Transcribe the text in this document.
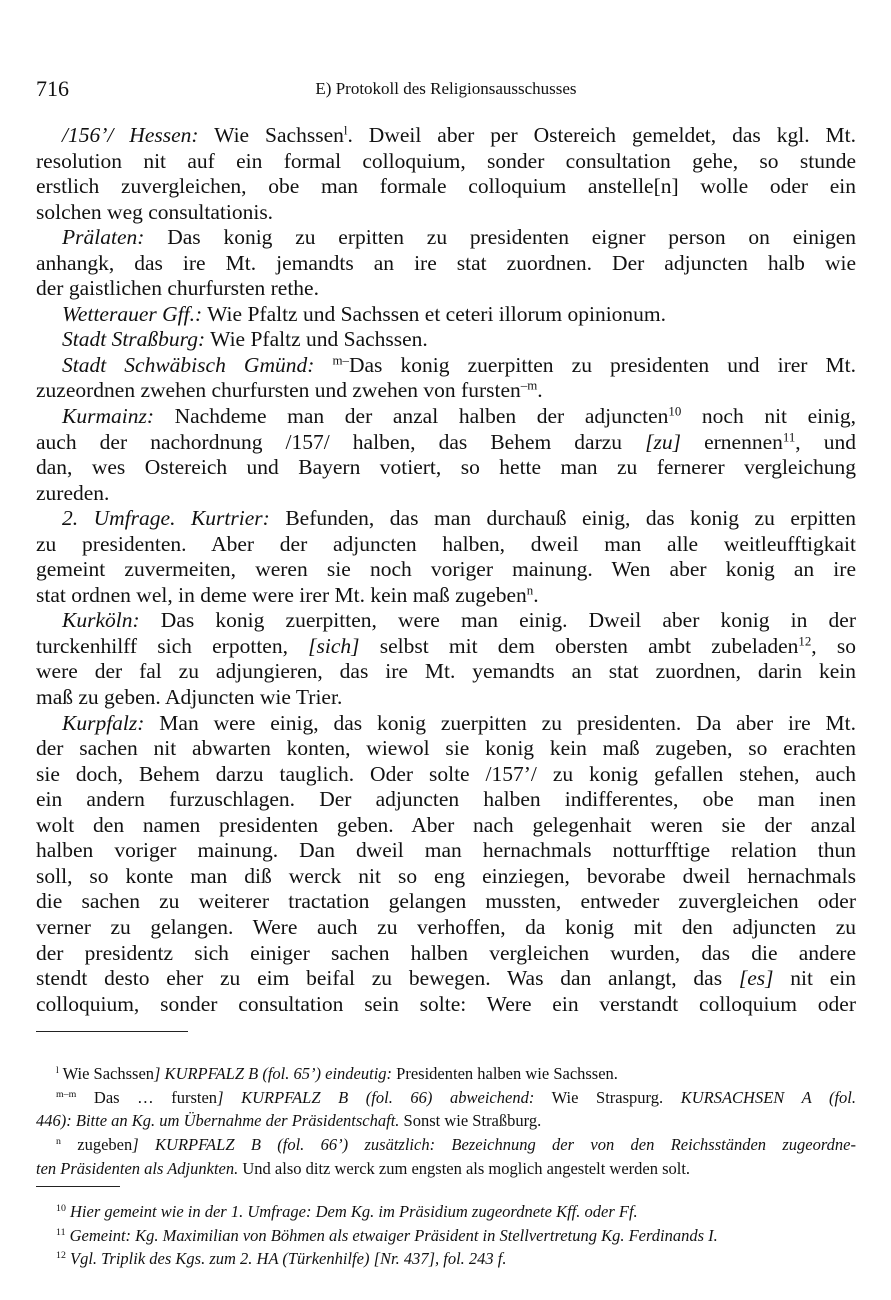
716	E) Protokoll des Religionsausschusses
/156’/ Hessen: Wie Sachssen$^l$. Dweil aber per Ostereich gemeldet, das kgl. Mt.
resolution nit auf ein formal colloquium, sonder consultation gehe, so stunde
erstlich zuvergleichen, obe man formale colloquium anstelle[n] wolle oder ein
solchen weg consultationis.
Prälaten: Das konig zu erpitten zu presidenten eigner person on einigen
anhangk, das ire Mt. jemandts an ire stat zuordnen. Der adjuncten halb wie
der gaistlichen churfursten rethe.
Wetterauer Gff.: Wie Pfaltz und Sachssen et ceteri illorum opinionum.
Stadt Straßburg: Wie Pfaltz und Sachssen.
Stadt Schwäbisch Gmünd: $^{m-}$Das konig zuerpitten zu presidenten und irer Mt.
zuzeordnen zwehen churfursten und zwehen von fursten$^{-m}$.
Kurmainz: Nachdeme man der anzal halben der adjuncten$^{10}$ noch nit einig,
auch der nachordnung /157/ halben, das Behem darzu [zu] ernennen$^{11}$, und
dan, wes Ostereich und Bayern votiert, so hette man zu fernerer vergleichung
zureden.
2. Umfrage. Kurtrier: Befunden, das man durchauß einig, das konig zu erpitten
zu presidenten. Aber der adjuncten halben, dweil man alle weitleufftigkait
gemeint zuvermeiten, weren sie noch voriger mainung. Wen aber konig an ire
stat ordnen wel, in deme were irer Mt. kein maß zugeben$^n$.
Kurköln: Das konig zuerpitten, were man einig. Dweil aber konig in der
turckenhilff sich erpotten, [sich] selbst mit dem obersten ambt zubeladen$^{12}$, so
were der fal zu adjungieren, das ire Mt. yemandts an stat zuordnen, darin kein
maß zu geben. Adjuncten wie Trier.
Kurpfalz: Man were einig, das konig zuerpitten zu presidenten. Da aber ire Mt.
der sachen nit abwarten konten, wiewol sie konig kein maß zugeben, so erachten
sie doch, Behem darzu tauglich. Oder solte /157’/ zu konig gefallen stehen, auch
ein andern furzuschlagen. Der adjuncten halben indifferentes, obe man inen
wolt den namen presidenten geben. Aber nach gelegenhait weren sie der anzal
halben voriger mainung. Dan dweil man hernachmals notturfftige relation thun
soll, so konte man diß werck nit so eng einziegen, bevorabe dweil hernachmals
die sachen zu weiterer tractation gelangen mussten, entweder zuvergleichen oder
verner zu gelangen. Were auch zu verhoffen, da konig mit den adjuncten zu
der presidentz sich einiger sachen halben vergleichen wurden, das die andere
stendt desto eher zu eim beifal zu bewegen. Was dan anlangt, das [es] nit ein
colloquium, sonder consultation sein solte: Were ein verstandt colloquium oder
$^l$ Wie Sachssen] KURPFALZ B (fol. 65’) eindeutig: Presidenten halben wie Sachssen.
$^{m-m}$ Das … fursten] KURPFALZ B (fol. 66) abweichend: Wie Straspurg. KURSACHSEN A (fol.
446): Bitte an Kg. um Übernahme der Präsidentschaft. Sonst wie Straßburg.
$^n$ zugeben] KURPFALZ B (fol. 66’) zusätzlich: Bezeichnung der von den Reichsständen zugeordne-
ten Präsidenten als Adjunkten. Und also ditz werck zum engsten als moglich angestelt werden solt.
$^{10}$ Hier gemeint wie in der 1. Umfrage: Dem Kg. im Präsidium zugeordnete Kff. oder Ff.
$^{11}$ Gemeint: Kg. Maximilian von Böhmen als etwaiger Präsident in Stellvertretung Kg. Ferdinands I.
$^{12}$ Vgl. Triplik des Kgs. zum 2. HA (Türkenhilfe) [Nr. 437], fol. 243 f.
